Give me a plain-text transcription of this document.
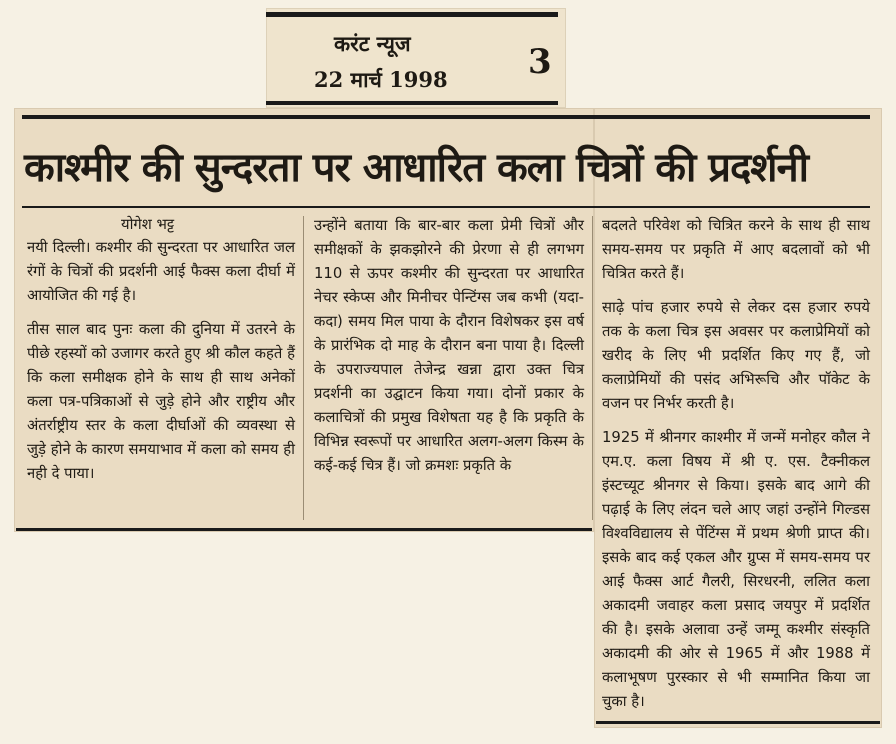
करंट न्यूज
22 मार्च 1998 3
काश्मीर की सुन्दरता पर आधारित कला चित्रों की प्रदर्शनी
योगेश भट्ट

नयी दिल्ली। कश्मीर की सुन्दरता पर आधारित जल रंगों के चित्रों की प्रदर्शनी आई फैक्स कला दीर्घा में आयोजित की गई है।

तीस साल बाद पुनः कला की दुनिया में उतरने के पीछे रहस्यों को उजागर करते हुए श्री कौल कहते हैं कि कला समीक्षक होने के साथ ही साथ अनेकों कला पत्र-पत्रिकाओं से जुड़े होने और राष्ट्रीय और अंतर्राष्ट्रीय स्तर के कला दीर्घाओं की व्यवस्था से जुड़े होने के कारण समयाभाव में कला को समय ही नही दे पाया।

उन्होंने बताया कि बार-बार कला प्रेमी चित्रों और समीक्षकों के झकझोरने की प्रेरणा से ही लगभग 110 से ऊपर कश्मीर की सुन्दरता पर आधारित नेचर स्केप्स और मिनीचर पेन्टिंग्स जब कभी (यदा-कदा) समय मिल पाया के दौरान विशेषकर इस वर्ष के प्रारंभिक दो माह के दौरान बना पाया है। दिल्ली के उपराज्यपाल तेजेन्द्र खन्ना द्वारा उक्त चित्र प्रदर्शनी का उद्घाटन किया गया। दोनों प्रकार के कलाचित्रों की प्रमुख विशेषता यह है कि प्रकृति के विभिन्न स्वरूपों पर आधारित अलग-अलग किस्म के कई-कई चित्र हैं। जो क्रमशः प्रकृति के

बदलते परिवेश को चित्रित करने के साथ ही साथ समय-समय पर प्रकृति में आए बदलावों को भी चित्रित करते हैं।

साढ़े पांच हजार रुपये से लेकर दस हजार रुपये तक के कला चित्र इस अवसर पर कलाप्रेमियों को खरीद के लिए भी प्रदर्शित किए गए हैं, जो कलाप्रेमियों की पसंद अभिरूचि और पॉकेट के वजन पर निर्भर करती है।

1925 में श्रीनगर काश्मीर में जन्में मनोहर कौल ने एम.ए. कला विषय में श्री ए. एस. टैक्नीकल इंस्टच्यूट श्रीनगर से किया। इसके बाद आगे की पढ़ाई के लिए लंदन चले आए जहां उन्होंने गिल्डस विश्वविद्यालय से पेंटिंग्स में प्रथम श्रेणी प्राप्त की। इसके बाद कई एकल और ग्रुप्स में समय-समय पर आई फैक्स आर्ट गैलरी, सिरधरनी, ललित कला अकादमी जवाहर कला प्रसाद जयपुर में प्रदर्शित की है। इसके अलावा उन्हें जम्मू कश्मीर संस्कृति अकादमी की ओर से 1965 में और 1988 में कलाभूषण पुरस्कार से भी सम्मानित किया जा चुका है।
